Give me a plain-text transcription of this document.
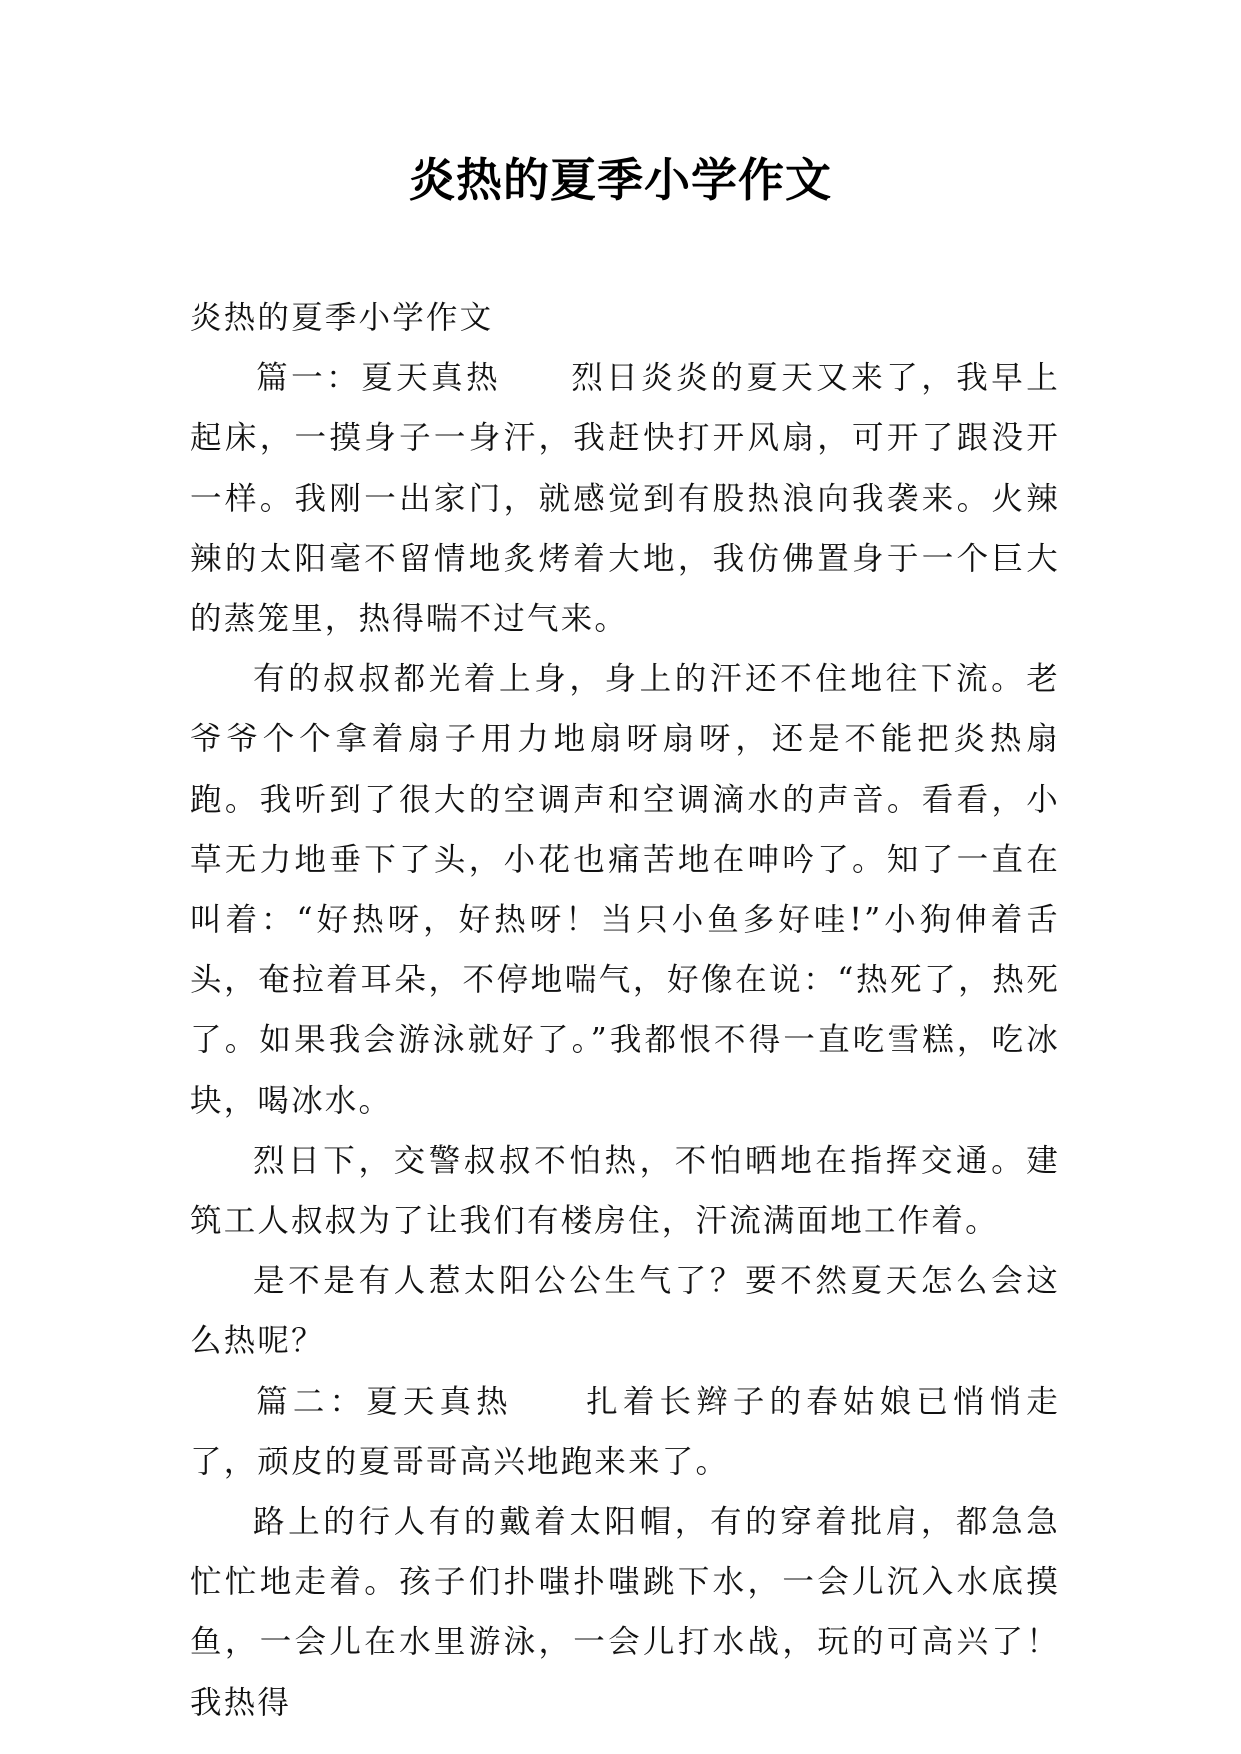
炎热的夏季小学作文

炎热的夏季小学作文

篇一：夏天真热　　烈日炎炎的夏天又来了，我早上起床，一摸身子一身汗，我赶快打开风扇，可开了跟没开一样。我刚一出家门，就感觉到有股热浪向我袭来。火辣辣的太阳毫不留情地炙烤着大地，我仿佛置身于一个巨大的蒸笼里，热得喘不过气来。

有的叔叔都光着上身，身上的汗还不住地往下流。老爷爷个个拿着扇子用力地扇呀扇呀，还是不能把炎热扇跑。我听到了很大的空调声和空调滴水的声音。看看，小草无力地垂下了头，小花也痛苦地在呻吟了。知了一直在叫着：“好热呀，好热呀！当只小鱼多好哇!”小狗伸着舌头，奄拉着耳朵，不停地喘气，好像在说：“热死了，热死了。如果我会游泳就好了。”我都恨不得一直吃雪糕，吃冰块，喝冰水。

烈日下，交警叔叔不怕热，不怕晒地在指挥交通。建筑工人叔叔为了让我们有楼房住，汗流满面地工作着。

是不是有人惹太阳公公生气了？要不然夏天怎么会这么热呢？

篇二：夏天真热　　扎着长辫子的春姑娘已悄悄走了，顽皮的夏哥哥高兴地跑来来了。

路上的行人有的戴着太阳帽，有的穿着批肩，都急急忙忙地走着。孩子们扑嗤扑嗤跳下水，一会儿沉入水底摸鱼，一会儿在水里游泳，一会儿打水战，玩的可高兴了！我热得
